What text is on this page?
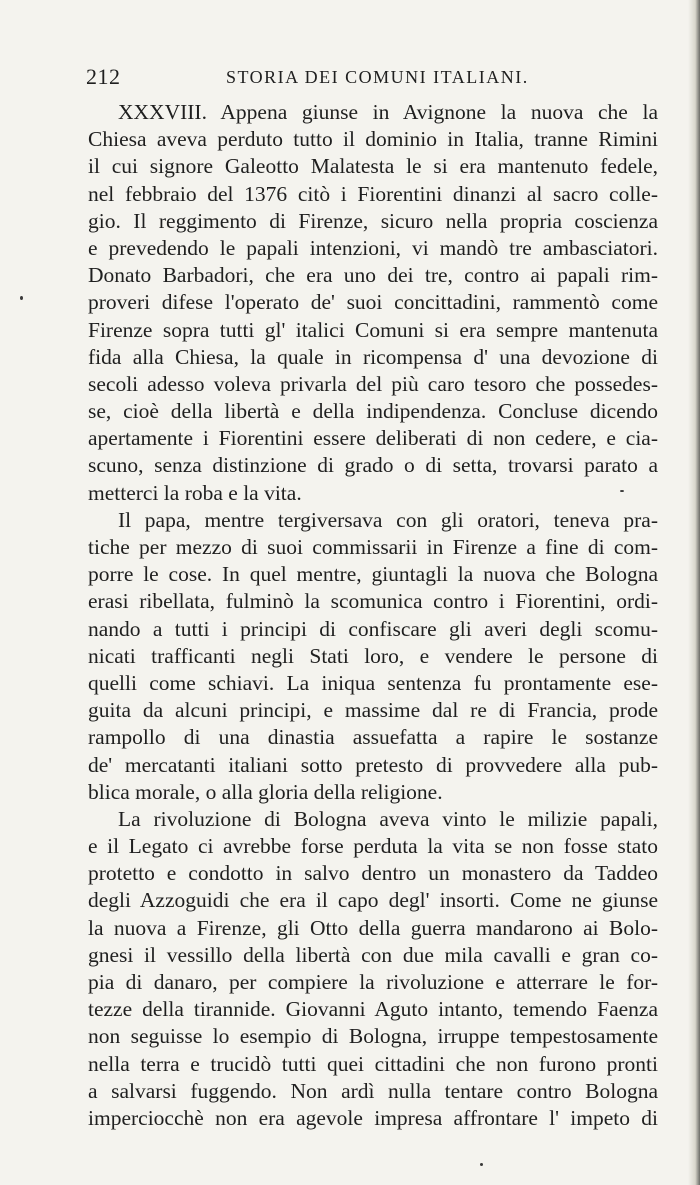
212	STORIA DEI COMUNI ITALIANI.
XXXVIII. Appena giunse in Avignone la nuova che la
Chiesa aveva perduto tutto il dominio in Italia, tranne Rimini
il cui signore Galeotto Malatesta le si era mantenuto fedele,
nel febbraio del 1376 citò i Fiorentini dinanzi al sacro colle-
gio. Il reggimento di Firenze, sicuro nella propria coscienza
e prevedendo le papali intenzioni, vi mandò tre ambasciatori.
Donato Barbadori, che era uno dei tre, contro ai papali rim-
proveri difese l'operato de' suoi concittadini, rammentò come
Firenze sopra tutti gl' italici Comuni si era sempre mantenuta
fida alla Chiesa, la quale in ricompensa d' una devozione di
secoli adesso voleva privarla del più caro tesoro che possedes-
se, cioè della libertà e della indipendenza. Concluse dicendo
apertamente i Fiorentini essere deliberati di non cedere, e cia-
scuno, senza distinzione di grado o di setta, trovarsi parato a
metterci la roba e la vita.
Il papa, mentre tergiversava con gli oratori, teneva pra-
tiche per mezzo di suoi commissarii in Firenze a fine di com-
porre le cose. In quel mentre, giuntagli la nuova che Bologna
erasi ribellata, fulminò la scomunica contro i Fiorentini, ordi-
nando a tutti i principi di confiscare gli averi degli scomu-
nicati trafficanti negli Stati loro, e vendere le persone di
quelli come schiavi. La iniqua sentenza fu prontamente ese-
guita da alcuni principi, e massime dal re di Francia, prode
rampollo di una dinastia assuefatta a rapire le sostanze
de' mercatanti italiani sotto pretesto di provvedere alla pub-
blica morale, o alla gloria della religione.
La rivoluzione di Bologna aveva vinto le milizie papali,
e il Legato ci avrebbe forse perduta la vita se non fosse stato
protetto e condotto in salvo dentro un monastero da Taddeo
degli Azzoguidi che era il capo degl' insorti. Come ne giunse
la nuova a Firenze, gli Otto della guerra mandarono ai Bolo-
gnesi il vessillo della libertà con due mila cavalli e gran co-
pia di danaro, per compiere la rivoluzione e atterrare le for-
tezze della tirannide. Giovanni Aguto intanto, temendo Faenza
non seguisse lo esempio di Bologna, irruppe tempestosamente
nella terra e trucidò tutti quei cittadini che non furono pronti
a salvarsi fuggendo. Non ardì nulla tentare contro Bologna
imperciocchè non era agevole impresa affrontare l' impeto di
